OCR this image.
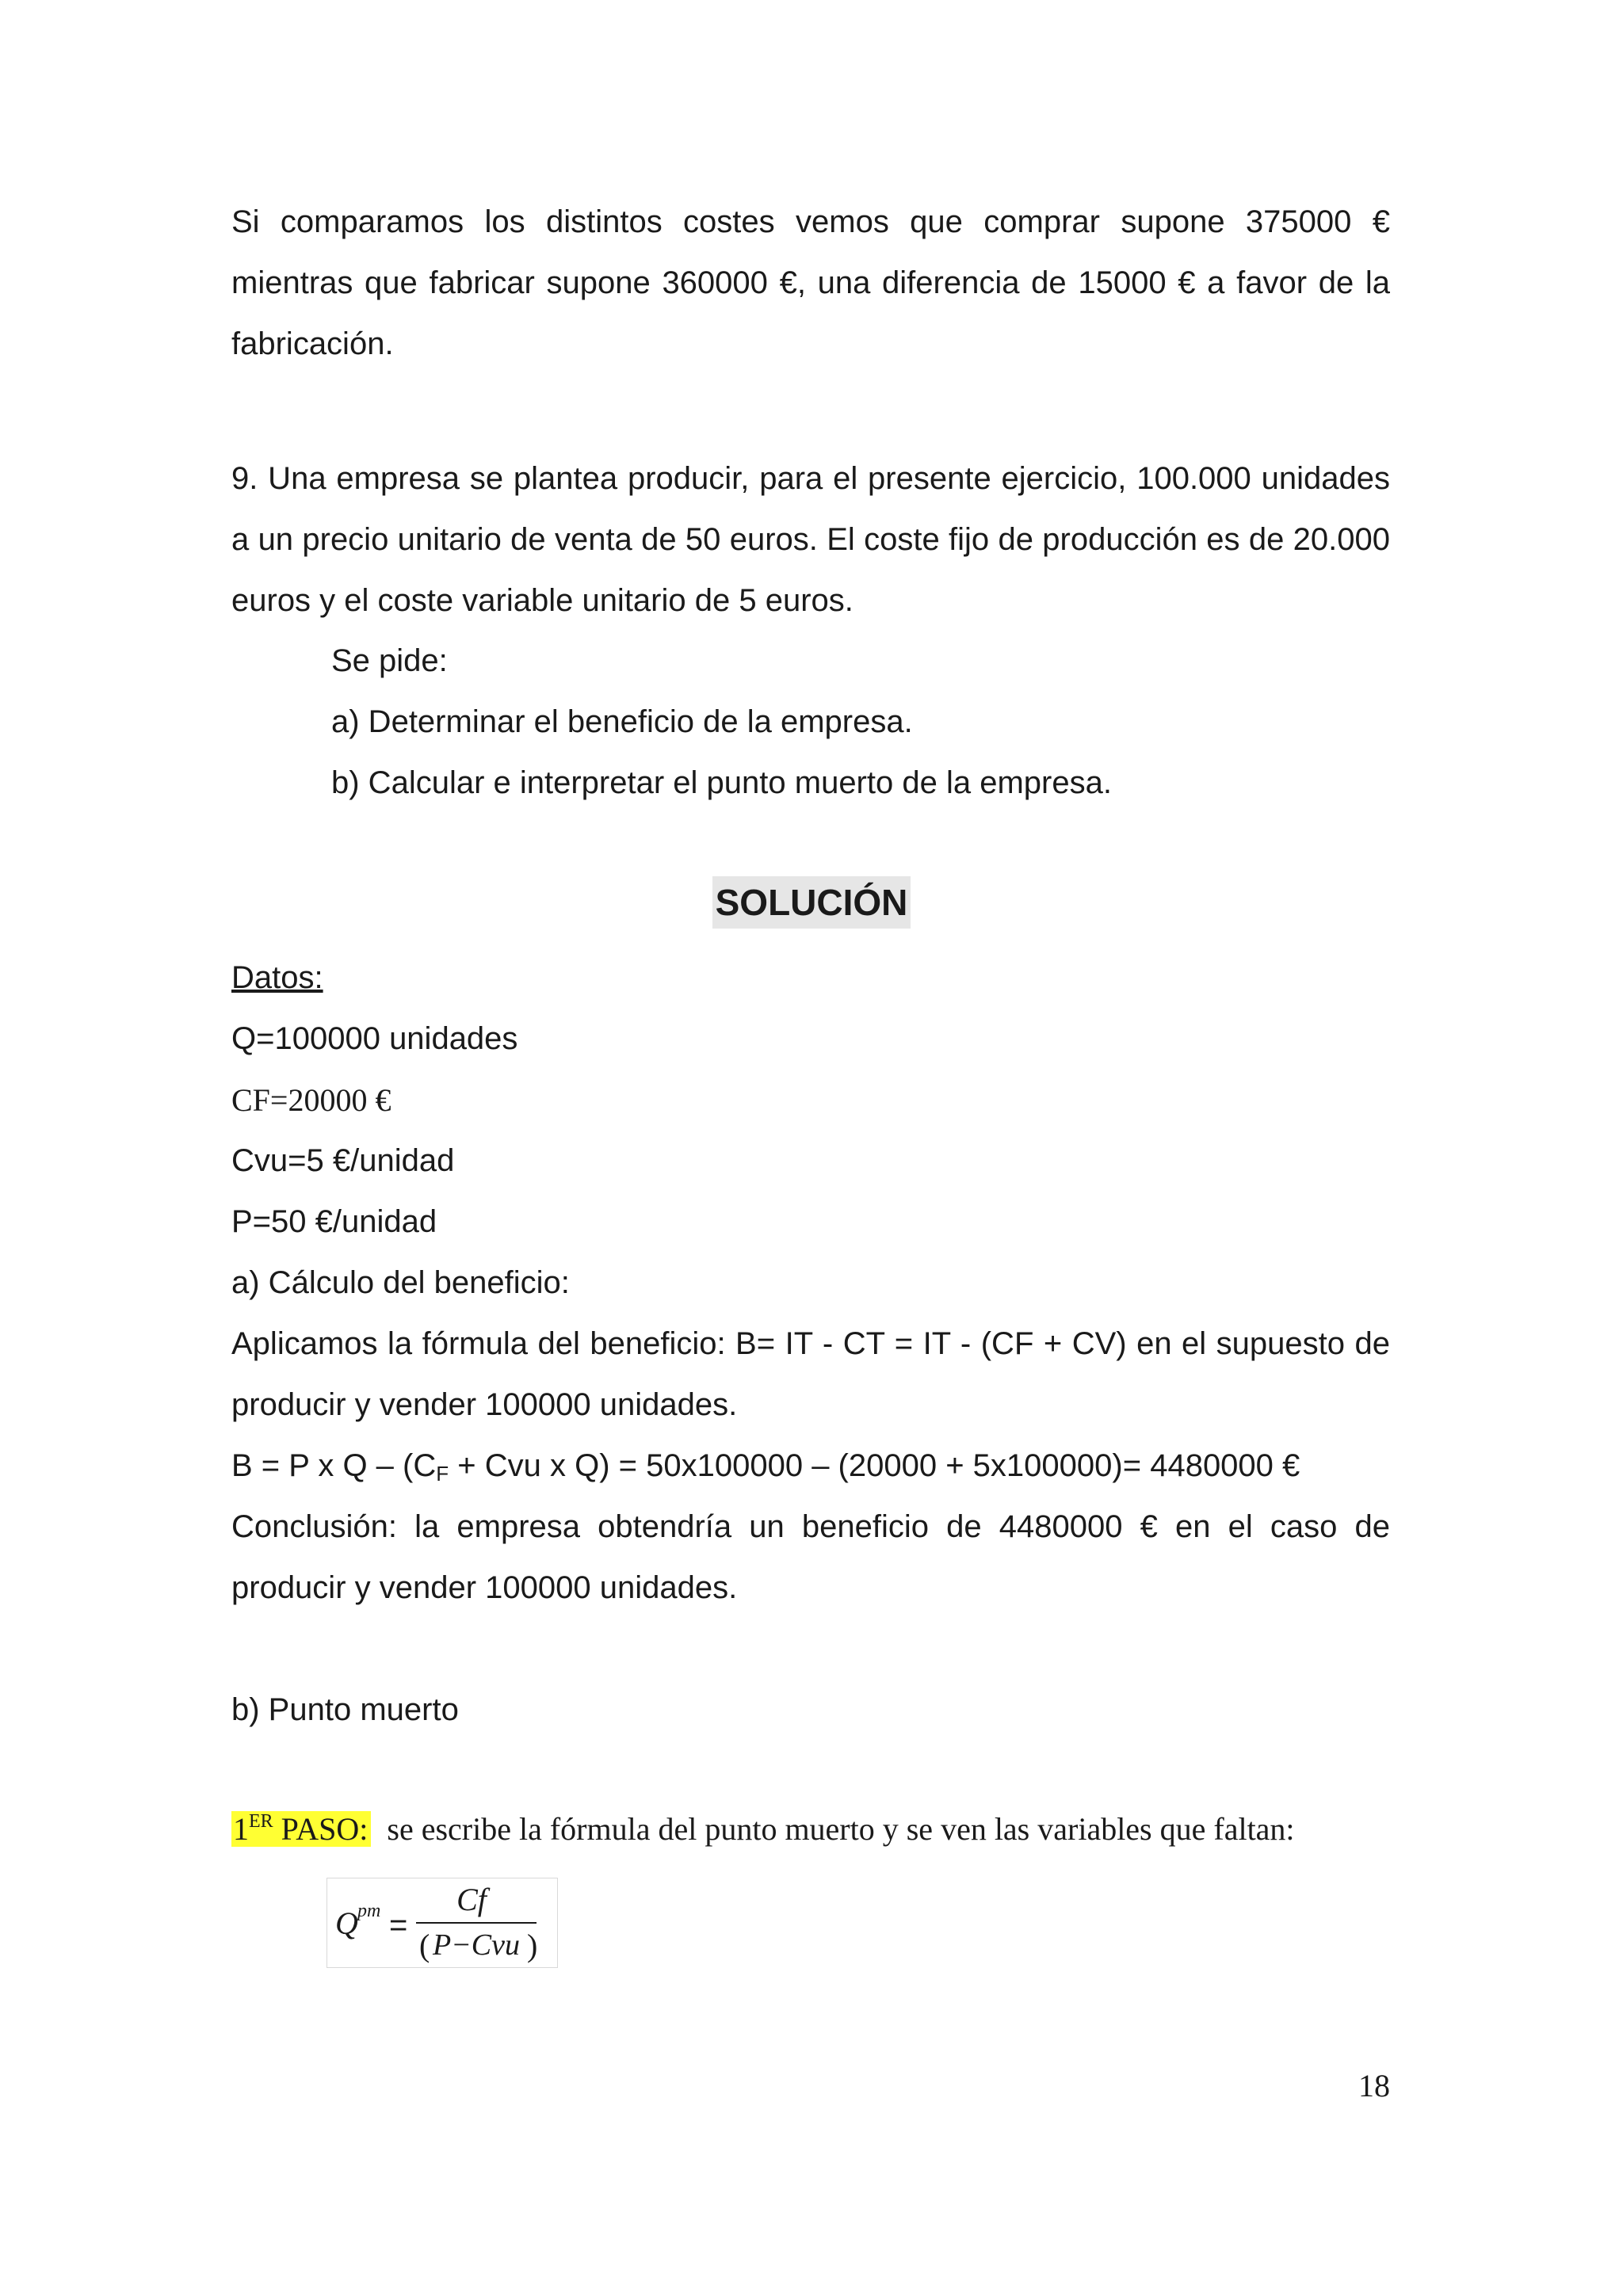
Si comparamos los distintos costes vemos que comprar supone 375000 € mientras que fabricar supone 360000 €, una diferencia de 15000 € a favor de la fabricación.

9. Una empresa se plantea producir, para el presente ejercicio, 100.000 unidades a un precio unitario de venta de 50 euros. El coste fijo de producción es de 20.000 euros y el coste variable unitario de 5 euros.

Se pide:

a) Determinar el beneficio de la empresa.

b) Calcular e interpretar el punto muerto de la empresa.

SOLUCIÓN

Datos:

Q=100000 unidades

CF=20000 €

Cvu=5 €/unidad

P=50 €/unidad

a) Cálculo del beneficio:

Aplicamos la fórmula del beneficio: B= IT - CT = IT - (CF + CV) en el supuesto de producir y vender 100000 unidades.

B = P x Q – (CF + Cvu x Q) = 50x100000 – (20000 + 5x100000)= 4480000 €

Conclusión: la empresa obtendría un beneficio de 4480000 € en el caso de producir y vender 100000 unidades.

b) Punto muerto

1ER PASO: se escribe la fórmula del punto muerto y se ven las variables que faltan:
Q pm =
Cf
( P−Cvu )
18
